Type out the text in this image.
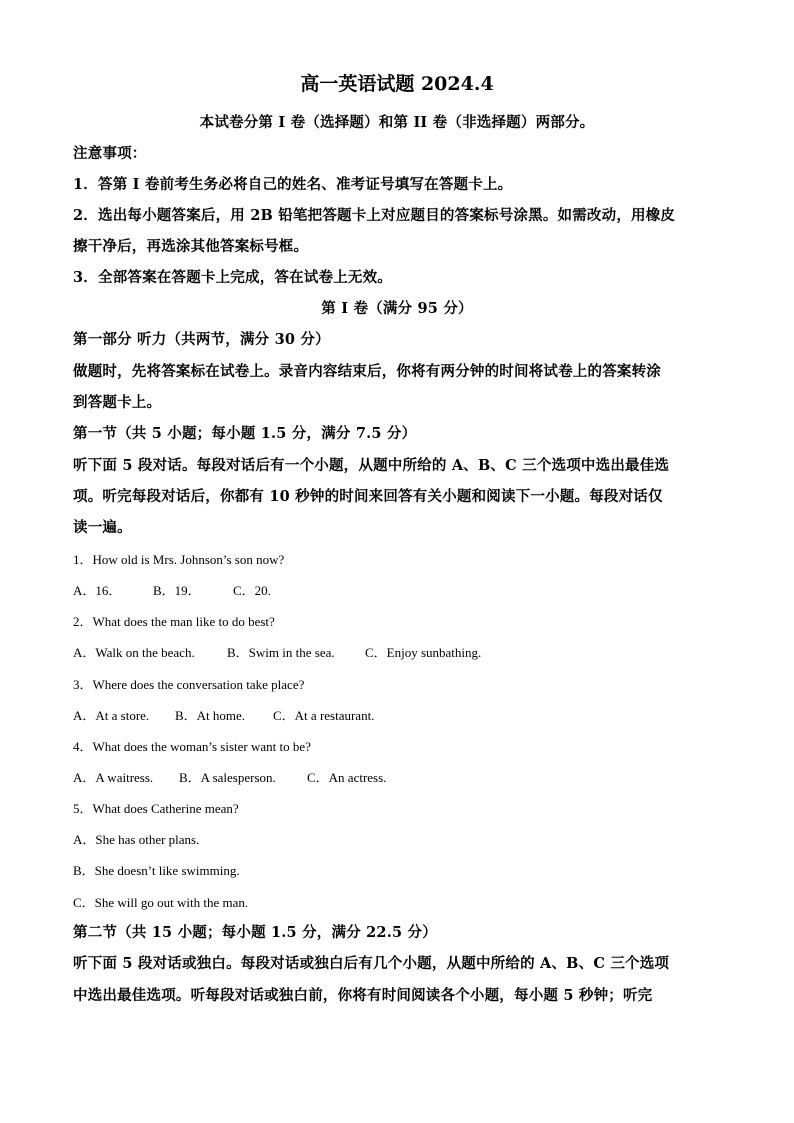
高一英语试题 2024.4
本试卷分第 I 卷（选择题）和第 II 卷（非选择题）两部分。
注意事项：
1．答第 I 卷前考生务必将自己的姓名、准考证号填写在答题卡上。
2．选出每小题答案后，用 2B 铅笔把答题卡上对应题目的答案标号涂黑。如需改动，用橡皮
擦干净后，再选涂其他答案标号框。
3．全部答案在答题卡上完成，答在试卷上无效。
第 I 卷（满分 95 分）
第一部分 听力（共两节，满分 30 分）
做题时，先将答案标在试卷上。录音内容结束后，你将有两分钟的时间将试卷上的答案转涂
到答题卡上。
第一节（共 5 小题；每小题 1.5 分，满分 7.5 分）
听下面 5 段对话。每段对话后有一个小题，从题中所给的 A、B、C 三个选项中选出最佳选
项。听完每段对话后，你都有 10 秒钟的时间来回答有关小题和阅读下一小题。每段对话仅
读一遍。
1．How old is Mrs. Johnson’s son now?
A．16． B．19． C．20.
2．What does the man like to do best?
A．Walk on the beach. B．Swim in the sea. C．Enjoy sunbathing.
3．Where does the conversation take place?
A．At a store. B．At home. C．At a restaurant.
4．What does the woman’s sister want to be?
A．A waitress. B．A salesperson. C．An actress.
5．What does Catherine mean?
A．She has other plans.
B．She doesn’t like swimming.
C．She will go out with the man.
第二节（共 15 小题；每小题 1.5 分，满分 22.5 分）
听下面 5 段对话或独白。每段对话或独白后有几个小题，从题中所给的 A、B、C 三个选项
中选出最佳选项。听每段对话或独白前，你将有时间阅读各个小题，每小题 5 秒钟；听完
